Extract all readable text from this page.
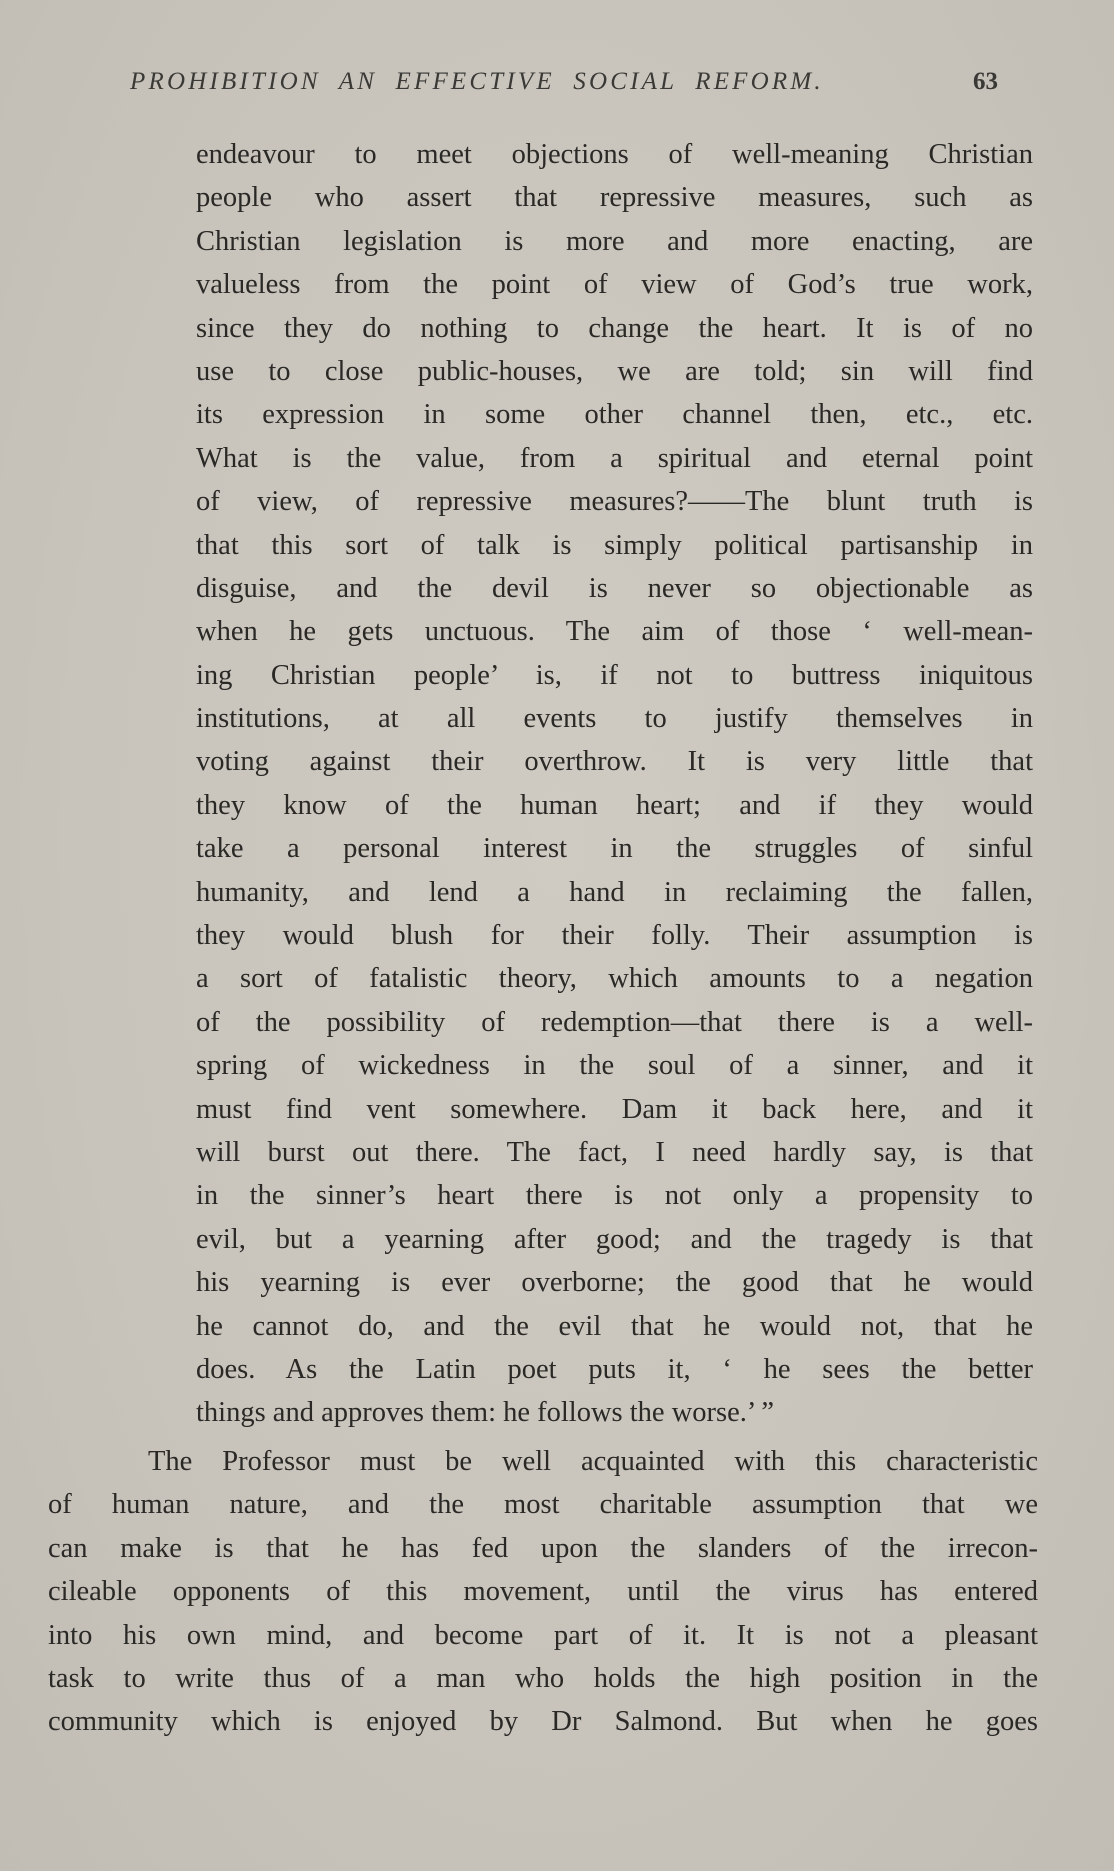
PROHIBITION AN EFFECTIVE SOCIAL REFORM.	63
endeavour to meet objections of well-meaning Christian
people who assert that repressive measures, such as
Christian legislation is more and more enacting, are
valueless from the point of view of God’s true work,
since they do nothing to change the heart. It is of no
use to close public-houses, we are told; sin will find
its expression in some other channel then, etc., etc.
What is the value, from a spiritual and eternal point
of view, of repressive measures?——The blunt truth is
that this sort of talk is simply political partisanship in
disguise, and the devil is never so objectionable as
when he gets unctuous. The aim of those ‘ well-mean-
ing Christian people’ is, if not to buttress iniquitous
institutions, at all events to justify themselves in
voting against their overthrow. It is very little that
they know of the human heart; and if they would
take a personal interest in the struggles of sinful
humanity, and lend a hand in reclaiming the fallen,
they would blush for their folly. Their assumption is
a sort of fatalistic theory, which amounts to a negation
of the possibility of redemption—that there is a well-
spring of wickedness in the soul of a sinner, and it
must find vent somewhere. Dam it back here, and it
will burst out there. The fact, I need hardly say, is that
in the sinner’s heart there is not only a propensity to
evil, but a yearning after good; and the tragedy is that
his yearning is ever overborne; the good that he would
he cannot do, and the evil that he would not, that he
does. As the Latin poet puts it, ‘ he sees the better
things and approves them: he follows the worse.’ ”
The Professor must be well acquainted with this characteristic
of human nature, and the most charitable assumption that we
can make is that he has fed upon the slanders of the irrecon-
cileable opponents of this movement, until the virus has entered
into his own mind, and become part of it. It is not a pleasant
task to write thus of a man who holds the high position in the
community which is enjoyed by Dr Salmond. But when he goes
